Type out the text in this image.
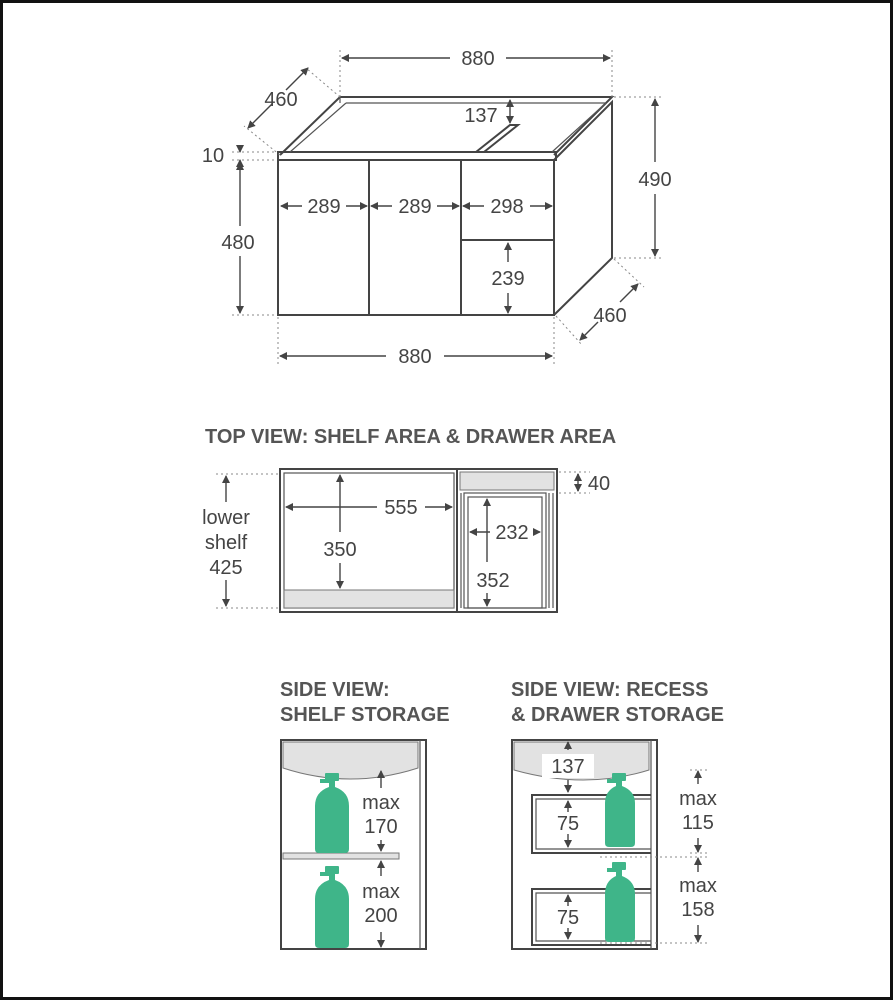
880
460
137
10
480
490
289	289	298
239
460
880
TOP VIEW: SHELF AREA & DRAWER AREA
lower
shelf
425
555
350
40
232
352
SIDE VIEW:
SHELF STORAGE
max
170
max
200
SIDE VIEW: RECESS
& DRAWER STORAGE
137
75
75
max
115
max
158
